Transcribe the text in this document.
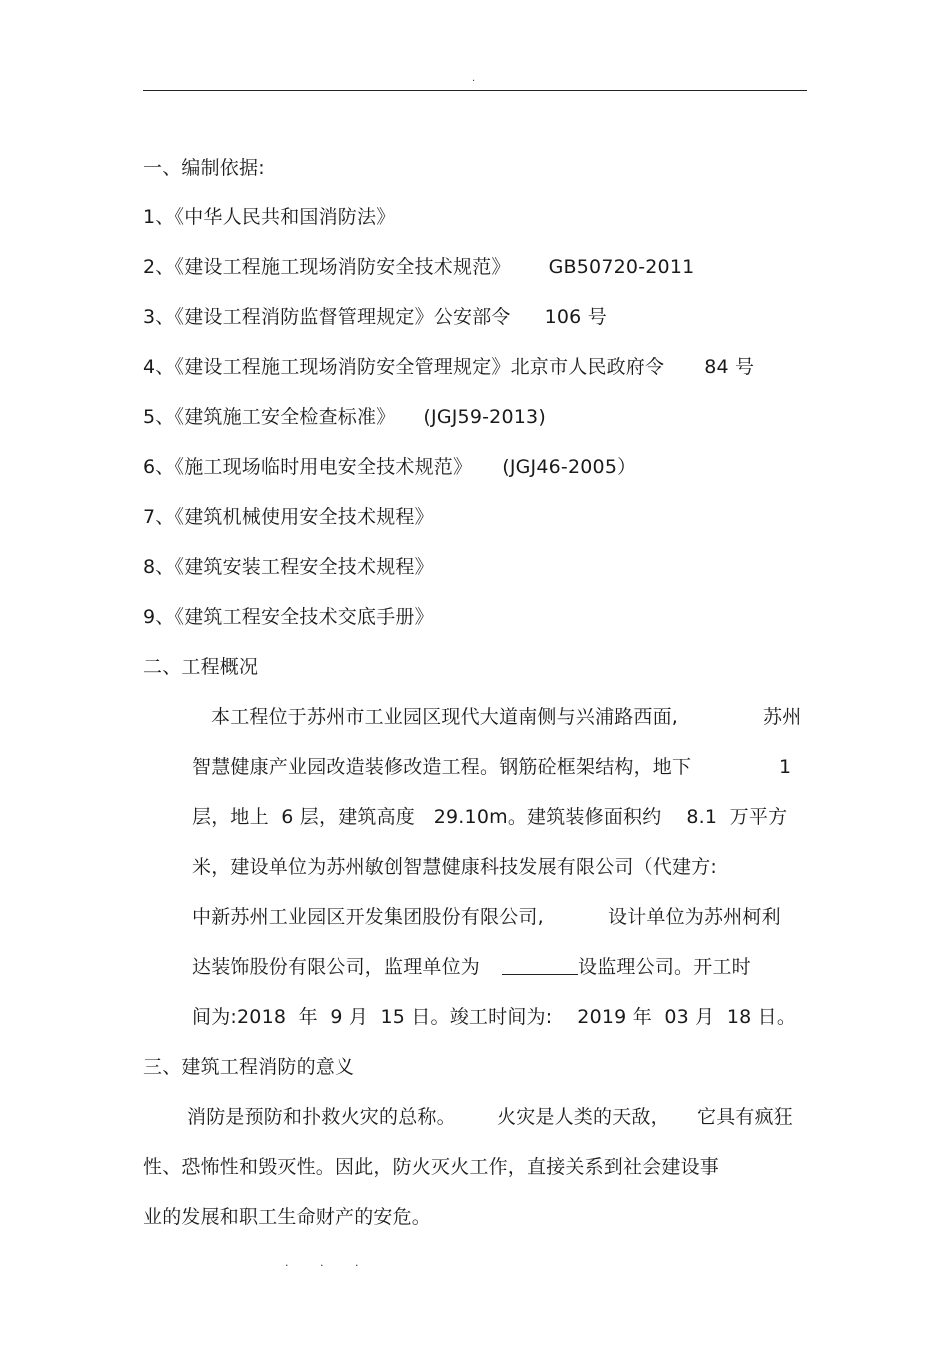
.
一、编制依据:
1、《中华人民共和国消防法》
2、《建设工程施工现场消防安全技术规范》 GB50720-2011
3、《建设工程消防监督管理规定》公安部令 106 号
4、《建设工程施工现场消防安全管理规定》北京市人民政府令 84 号
5、《建筑施工安全检查标准》 (JGJ59-2013)
6、《施工现场临时用电安全技术规范》 (JGJ46-2005）
7、《建筑机械使用安全技术规程》
8、《建筑安装工程安全技术规程》
9、《建筑工程安全技术交底手册》
二、工程概况
本工程位于苏州市工业园区现代大道南侧与兴浦路西面,	苏州
智慧健康产业园改造装修改造工程。钢筋砼框架结构，地下	1
层，地上  6 层，建筑高度   29.10m。建筑装修面积约    8.1  万平方
米，建设单位为苏州敏创智慧健康科技发展有限公司（代建方:
中新苏州工业园区开发集团股份有限公司,	设计单位为苏州柯利
达装饰股份有限公司，监理单位为	设监理公司。开工时
间为:2018  年  9 月  15 日。竣工时间为:    2019 年  03 月  18 日。
三、建筑工程消防的意义
消防是预防和扑救火灾的总称。 火灾是人类的天敌， 它具有疯狂
性、恐怖性和毁灭性。因此，防火灭火工作，直接关系到社会建设事
业的发展和职工生命财产的安危。
. . .
